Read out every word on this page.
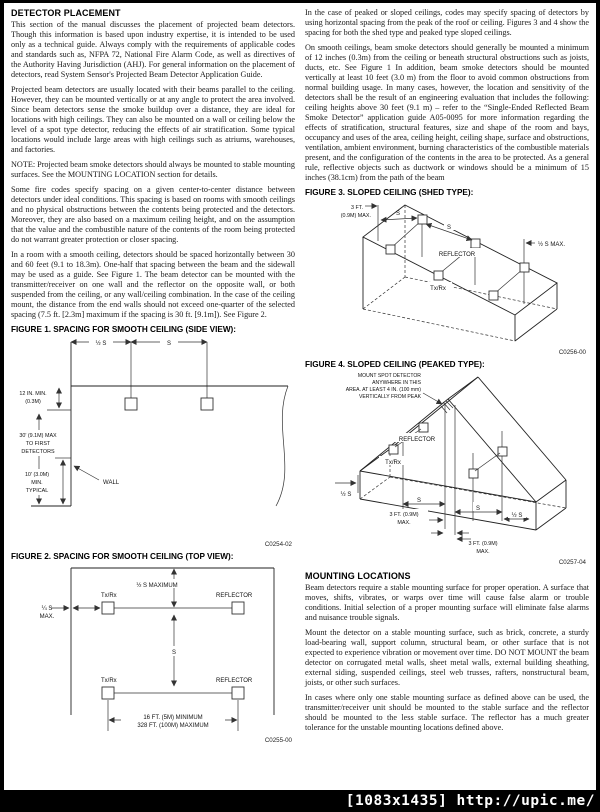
DETECTOR PLACEMENT

This section of the manual discusses the placement of projected beam detectors. Though this information is based upon industry expertise, it is intended to be used only as a technical guide. Always comply with the requirements of applicable codes and standards such as, NFPA 72, National Fire Alarm Code, as well as directives of the Authority Having Jurisdiction (AHJ). For general information on the placement of detectors, read System Sensor's Projected Beam Detector Application Guide.

Projected beam detectors are usually located with their beams parallel to the ceiling. However, they can be mounted vertically or at any angle to protect the area involved. Since beam detectors sense the smoke buildup over a distance, they are ideal for locations with high ceilings. They can also be mounted on a wall or ceiling below the level of a spot type detector, reducing the effects of air stratification. Some typical locations would include large areas with high ceilings such as atriums, warehouses, and factories.

NOTE: Projected beam smoke detectors should always be mounted to stable mounting surfaces. See the MOUNTING LOCATION section for details.

Some fire codes specify spacing on a given center-to-center distance between detectors under ideal conditions. This spacing is based on rooms with smooth ceilings and no physical obstructions between the contents being protected and the detectors. Moreover, they are also based on a maximum ceiling height, and on the assumption that the value and the combustible nature of the contents of the room being protected do not warrant greater protection or closer spacing.

In a room with a smooth ceiling, detectors should be spaced horizontally between 30 and 60 feet (9.1 to 18.3m). One-half that spacing between the beam and the sidewall may be used as a guide. See Figure 1. The beam detector can be mounted with the transmitter/receiver on one wall and the reflector on the opposite wall, or both suspended from the ceiling, or any wall/ceiling combination. In the case of the ceiling mount, the distance from the end walls should not exceed one-quarter of the selected spacing (7.5 ft. [2.3m] maximum if the spacing is 30 ft. [9.1m]). See Figure 2.

FIGURE 1. SPACING FOR SMOOTH CEILING (SIDE VIEW):
½ S	S
12 IN. MIN.
(0.3M)
30' (9.1M) MAX
TO FIRST
DETECTORS
10' (3.0M)
MIN.
TYPICAL
WALL
C0254-02
FIGURE 2. SPACING FOR SMOOTH CEILING (TOP VIEW):
½ S MAXIMUM
Tx/Rx	REFLECTOR
¼ S
MAX.
S
Tx/Rx	REFLECTOR
16 FT. (5M) MINIMUM
328 FT. (100M) MAXIMUM
C0255-00

In the case of peaked or sloped ceilings, codes may specify spacing of detectors by using horizontal spacing from the peak of the roof or ceiling. Figures 3 and 4 show the spacing for both the shed type and peaked type sloped ceilings.

On smooth ceilings, beam smoke detectors should generally be mounted a minimum of 12 inches (0.3m) from the ceiling or beneath structural obstructions such as joists, ducts, etc. See Figure 1 In addition, beam smoke detectors should be mounted vertically at least 10 feet (3.0 m) from the floor to avoid common obstructions from normal building usage. In many cases, however, the location and sensitivity of the detectors shall be the result of an engineering evaluation that includes the following: ceiling heights above 30 feet (9.1 m) – refer to the “Single-Ended Reflected Beam Smoke Detector” application guide A05-0095 for more information regarding the effects of stratification, structural features, size and shape of the room and bays, occupancy and uses of the area, ceiling height, ceiling shape, surface and obstructions, ventilation, ambient environment, burning characteristics of the combustible materials present, and the configuration of the contents in the area to be protected. As a general rule, reflective objects such as ductwork or windows should be a minimum of 15 inches (38.1cm) from the path of the beam

FIGURE 3. SLOPED CEILING (SHED TYPE):
3 FT.
(0.9M) MAX.	S
S
REFLECTOR
Tx/Rx
½ S MAX.
C0256-00
FIGURE 4. SLOPED CEILING (PEAKED TYPE):
MOUNT SPOT DETECTOR
ANYWHERE IN THIS
AREA. AT LEAST 4 IN. (100 mm)
VERTICALLY FROM PEAK
REFLECTOR
Tx/Rx
½ S
S
3 FT. (0.9M)
MAX.
S
½ S
3 FT. (0.9M)
MAX.
C0257-04
MOUNTING LOCATIONS

Beam detectors require a stable mounting surface for proper operation. A surface that moves, shifts, vibrates, or warps over time will cause false alarm or trouble conditions. Initial selection of a proper mounting surface will eliminate false alarms and nuisance trouble signals.

Mount the detector on a stable mounting surface, such as brick, concrete, a sturdy load-bearing wall, support column, structural beam, or other surface that is not expected to experience vibration or movement over time. DO NOT MOUNT the beam detector on corrugated metal walls, sheet metal walls, external building sheathing, external siding, suspended ceilings, steel web trusses, rafters, nonstructural beam, joists, or other such surfaces.

In cases where only one stable mounting surface as defined above can be used, the transmitter/receiver unit should be mounted to the stable surface and the reflector should be mounted to the less stable surface. The reflector has a much greater tolerance for the unstable mounting locations defined above.

[1083x1435] http://upic.me/
